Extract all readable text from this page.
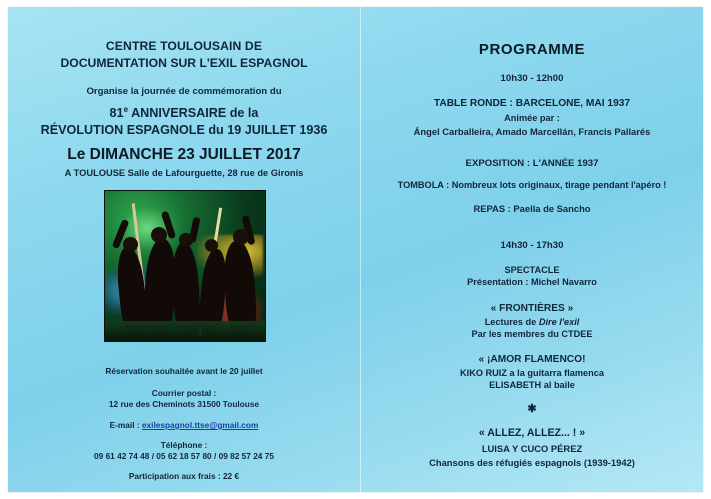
CENTRE TOULOUSAIN DE
DOCUMENTATION SUR L'EXIL ESPAGNOL
Organise la journée de commémoration du
81e ANNIVERSAIRE de la
RÉVOLUTION ESPAGNOLE du 19 JUILLET 1936
Le DIMANCHE 23 JUILLET 2017
A TOULOUSE Salle de Lafourguette, 28 rue de Gironis
Réservation souhaitée avant le 20 juillet
Courrier postal :
12 rue des Cheminots 31500 Toulouse
E-mail : exilespagnol.ttse@gmail.com
Téléphone :
09 61 42 74 48 / 05 62 18 57 80 / 09 82 57 24 75
Participation aux frais : 22 €
PROGRAMME
10h30 - 12h00
TABLE RONDE : BARCELONE, MAI 1937
Animée par :
Ángel Carballeira, Amado Marcellán, Francis Pallarés
EXPOSITION : L'ANNÉE 1937
TOMBOLA : Nombreux lots originaux, tirage pendant l'apéro !
REPAS : Paella de Sancho
14h30 - 17h30
SPECTACLE
Présentation : Michel Navarro
« FRONTIÈRES »
Lectures de Dire l'exil
Par les membres du CTDEE
« ¡AMOR FLAMENCO!
KIKO RUIZ a la guitarra flamenca
ELISABETH al baile
✱
« ALLEZ, ALLEZ... ! »
LUISA Y CUCO PÉREZ
Chansons des réfugiés espagnols (1939-1942)
